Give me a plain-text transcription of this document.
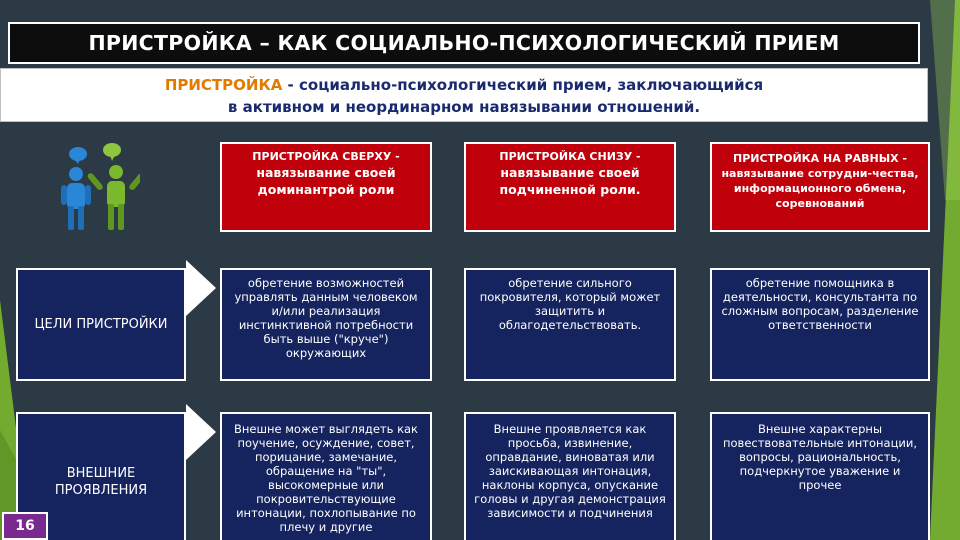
ПРИСТРОЙКА – КАК СОЦИАЛЬНО-ПСИХОЛОГИЧЕСКИЙ ПРИЕМ
ПРИСТРОЙКА - социально-психологический прием, заключающийся
в активном и неординарном навязывании отношений.
ПРИСТРОЙКА СВЕРХУ -
навязывание своей доминантрой роли
ПРИСТРОЙКА СНИЗУ -
навязывание своей подчиненной роли.
ПРИСТРОЙКА НА РАВНЫХ -
навязывание сотрудни-чества, информационного обмена, соревнований
ЦЕЛИ ПРИСТРОЙКИ
обретение возможностей управлять данным человеком и/или реализация инстинктивной потребности быть выше ("круче") окружающих
обретение сильного покровителя, который может защитить и облагодетельствовать.
обретение помощника в деятельности, консультанта по сложным вопросам, разделение ответственности
ВНЕШНИЕ ПРОЯВЛЕНИЯ
Внешне может выглядеть как поучение, осуждение, совет, порицание, замечание, обращение на "ты", высокомерные или покровительствующие интонации, похлопывание по плечу и другие
Внешне проявляется как просьба, извинение, оправдание, виноватая или заискивающая интонация, наклоны корпуса, опускание головы и другая демонстрация зависимости и подчинения
Внешне характерны повествовательные интонации, вопросы, рациональность, подчеркнутое уважение и прочее
16
